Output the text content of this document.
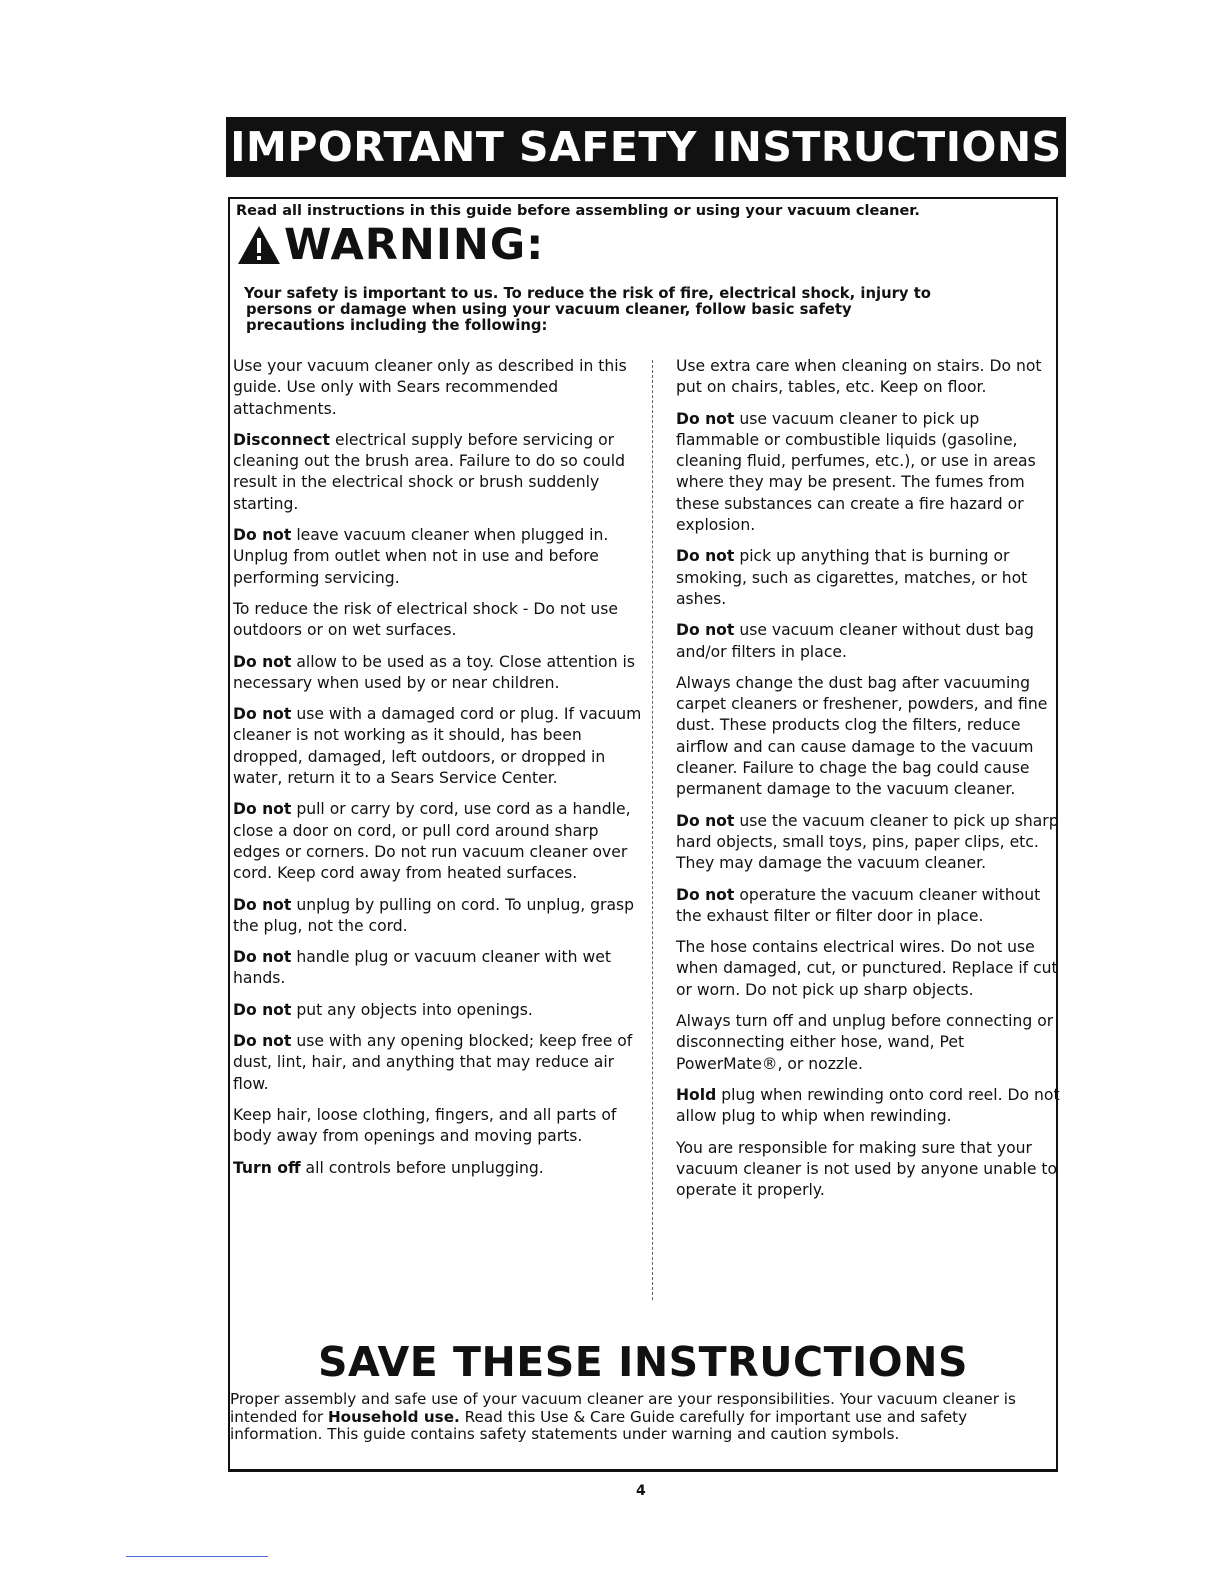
IMPORTANT SAFETY INSTRUCTIONS
Read all instructions in this guide before assembling or using your vacuum cleaner.
WARNING:
Your safety is important to us. To reduce the risk of fire, electrical shock, injury to
persons or damage when using your vacuum cleaner, follow basic safety
precautions including the following:

Use your vacuum cleaner only as described in this guide. Use only with Sears recommended attachments.

Disconnect electrical supply before servicing or cleaning out the brush area. Failure to do so could result in the electrical shock or brush suddenly starting.

Do not leave vacuum cleaner when plugged in. Unplug from outlet when not in use and before performing servicing.

To reduce the risk of electrical shock - Do not use outdoors or on wet surfaces.

Do not allow to be used as a toy. Close attention is necessary when used by or near children.

Do not use with a damaged cord or plug. If vacuum cleaner is not working as it should, has been dropped, damaged, left outdoors, or dropped in water, return it to a Sears Service Center.

Do not pull or carry by cord, use cord as a handle, close a door on cord, or pull cord around sharp edges or corners. Do not run vacuum cleaner over cord. Keep cord away from heated surfaces.

Do not unplug by pulling on cord. To unplug, grasp the plug, not the cord.

Do not handle plug or vacuum cleaner with wet hands.

Do not put any objects into openings.

Do not use with any opening blocked; keep free of dust, lint, hair, and anything that may reduce air flow.

Keep hair, loose clothing, fingers, and all parts of body away from openings and moving parts.

Turn off all controls before unplugging.

Use extra care when cleaning on stairs. Do not put on chairs, tables, etc. Keep on floor.

Do not use vacuum cleaner to pick up flammable or combustible liquids (gasoline, cleaning fluid, perfumes, etc.), or use in areas where they may be present. The fumes from these substances can create a fire hazard or explosion.

Do not pick up anything that is burning or smoking, such as cigarettes, matches, or hot ashes.

Do not use vacuum cleaner without dust bag and/or filters in place.

Always change the dust bag after vacuuming carpet cleaners or freshener, powders, and fine dust. These products clog the filters, reduce airflow and can cause damage to the vacuum cleaner. Failure to chage the bag could cause permanent damage to the vacuum cleaner.

Do not use the vacuum cleaner to pick up sharp hard objects, small toys, pins, paper clips, etc. They may damage the vacuum cleaner.

Do not operature the vacuum cleaner without the exhaust filter or filter door in place.

The hose contains electrical wires. Do not use when damaged, cut, or punctured. Replace if cut or worn. Do not pick up sharp objects.

Always turn off and unplug before connecting or disconnecting either hose, wand, Pet PowerMate®, or nozzle.

Hold plug when rewinding onto cord reel. Do not allow plug to whip when rewinding.

You are responsible for making sure that your vacuum cleaner is not used by anyone unable to operate it properly.

SAVE THESE INSTRUCTIONS
Proper assembly and safe use of your vacuum cleaner are your responsibilities. Your vacuum cleaner is intended for Household use. Read this Use & Care Guide carefully for important use and safety information. This guide contains safety statements under warning and caution symbols.
4
